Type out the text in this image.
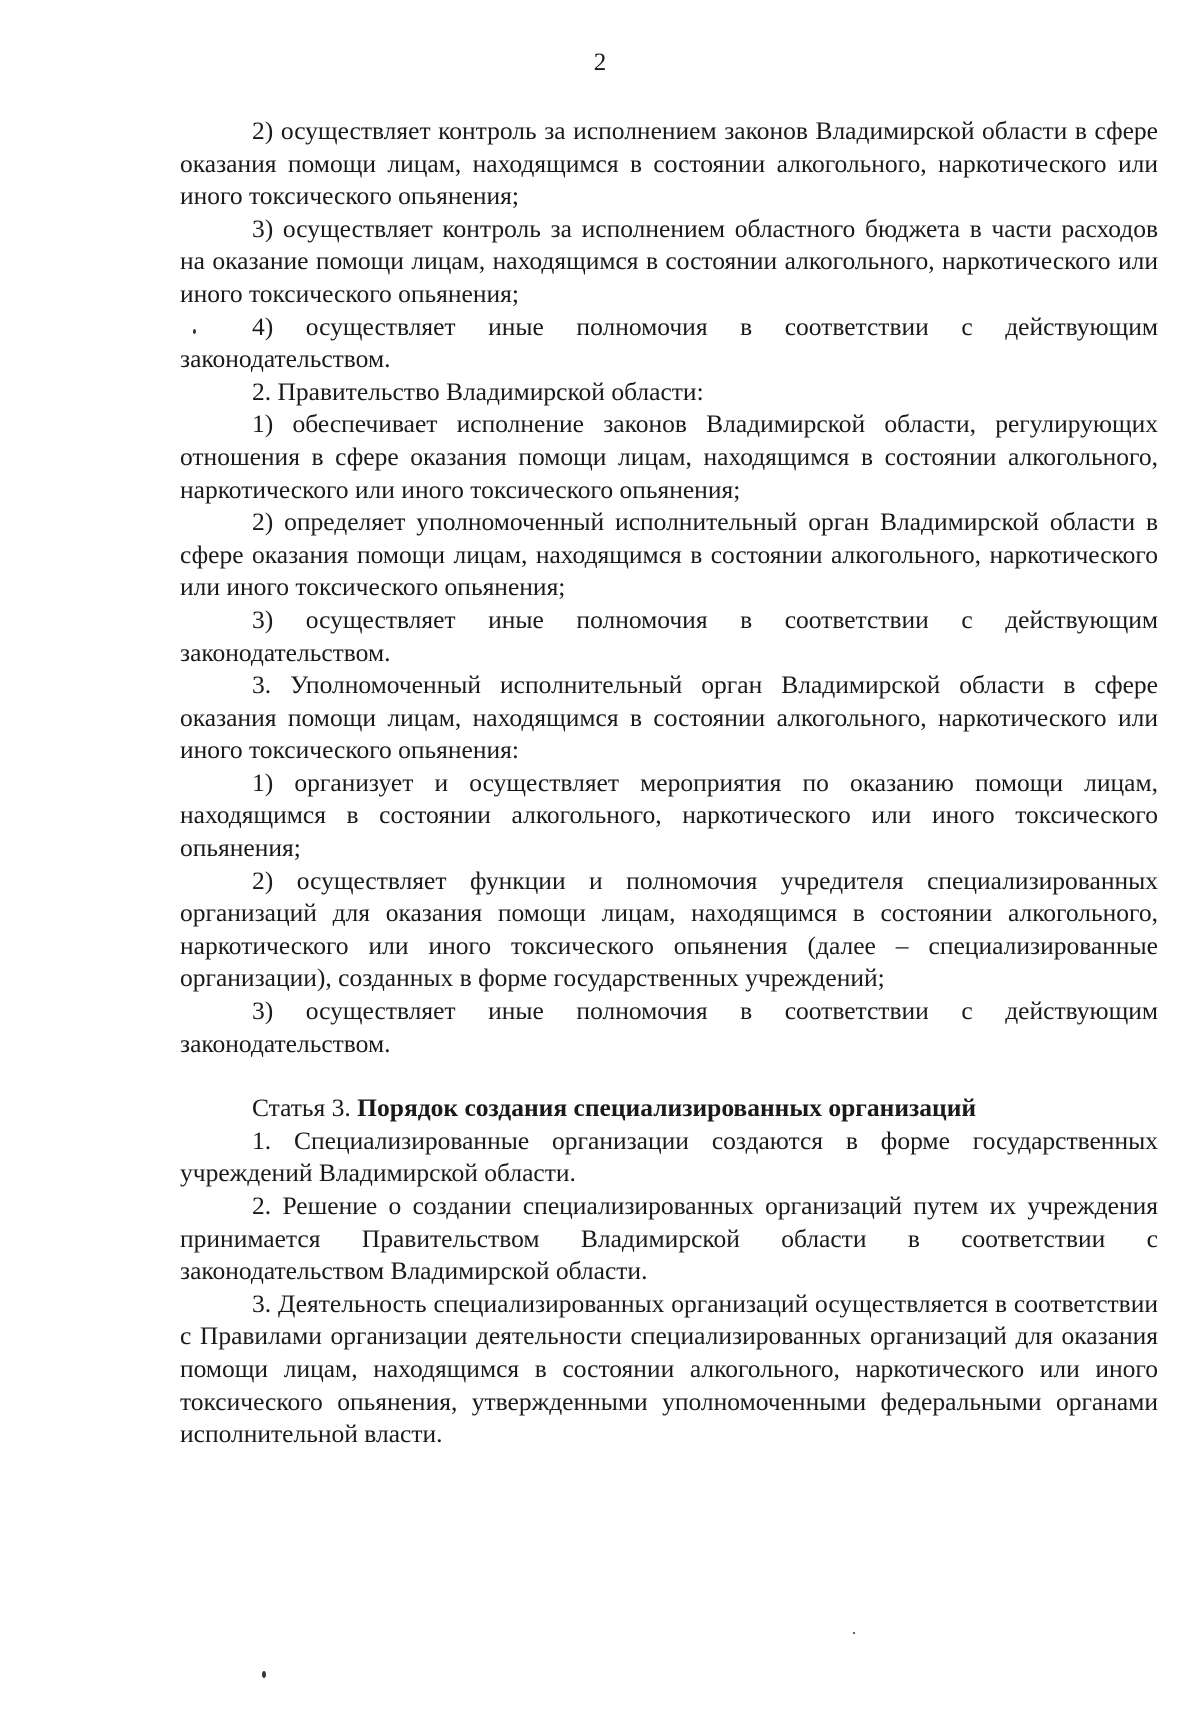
2

2) осуществляет контроль за исполнением законов Владимирской области в сфере оказания помощи лицам, находящимся в состоянии алкогольного, наркотического или иного токсического опьянения;

3) осуществляет контроль за исполнением областного бюджета в части расходов на оказание помощи лицам, находящимся в состоянии алкогольного, наркотического или иного токсического опьянения;

4) осуществляет иные полномочия в соответствии с действующим законодательством.

2. Правительство Владимирской области:

1) обеспечивает исполнение законов Владимирской области, регулирующих отношения в сфере оказания помощи лицам, находящимся в состоянии алкогольного, наркотического или иного токсического опьянения;

2) определяет уполномоченный исполнительный орган Владимирской области в сфере оказания помощи лицам, находящимся в состоянии алкогольного, наркотического или иного токсического опьянения;

3) осуществляет иные полномочия в соответствии с действующим законодательством.

3. Уполномоченный исполнительный орган Владимирской области в сфере оказания помощи лицам, находящимся в состоянии алкогольного, наркотического или иного токсического опьянения:

1) организует и осуществляет мероприятия по оказанию помощи лицам, находящимся в состоянии алкогольного, наркотического или иного токсического опьянения;

2) осуществляет функции и полномочия учредителя специализированных организаций для оказания помощи лицам, находящимся в состоянии алкогольного, наркотического или иного токсического опьянения (далее – специализированные организации), созданных в форме государственных учреждений;

3) осуществляет иные полномочия в соответствии с действующим законодательством.

Статья 3. Порядок создания специализированных организаций

1. Специализированные организации создаются в форме государственных учреждений Владимирской области.

2. Решение о создании специализированных организаций путем их учреждения принимается Правительством Владимирской области в соответствии с законодательством Владимирской области.

3. Деятельность специализированных организаций осуществляется в соответствии с Правилами организации деятельности специализированных организаций для оказания помощи лицам, находящимся в состоянии алкогольного, наркотического или иного токсического опьянения, утвержденными уполномоченными федеральными органами исполнительной власти.
